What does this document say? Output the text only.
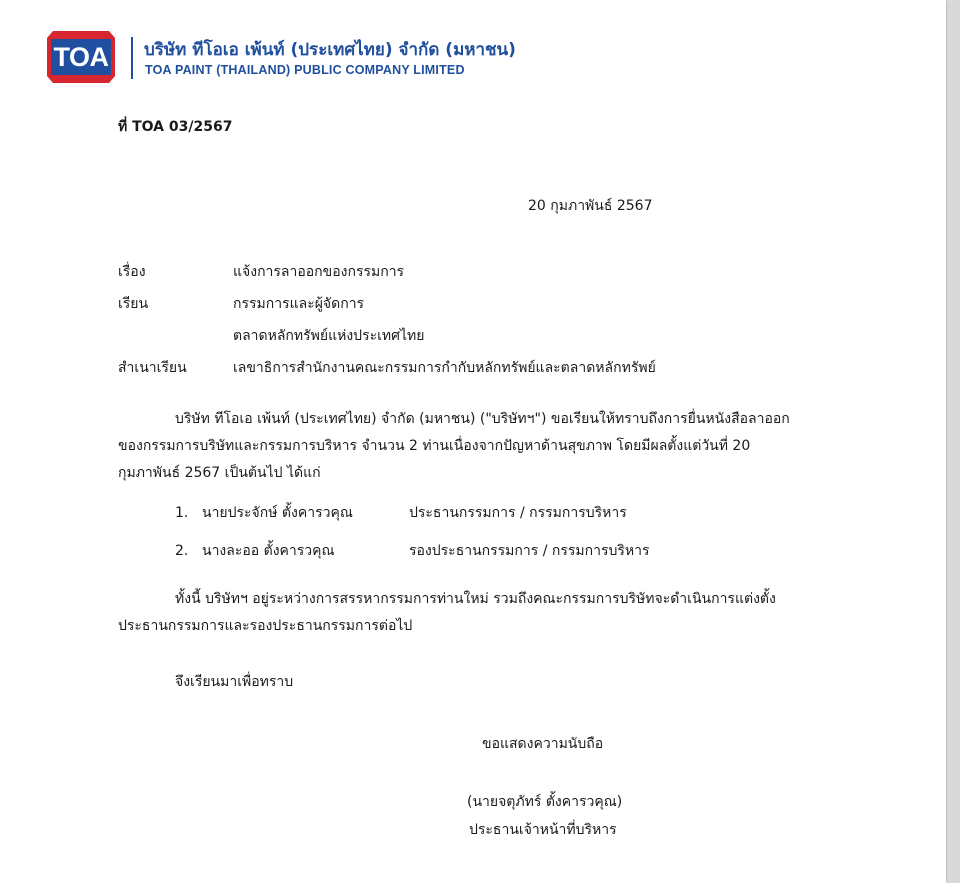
TOA	บริษัท ทีโอเอ เพ้นท์ (ประเทศไทย) จำกัด (มหาชน)
TOA PAINT (THAILAND) PUBLIC COMPANY LIMITED
ที่ TOA 03/2567
20 กุมภาพันธ์ 2567
เรื่อง	แจ้งการลาออกของกรรมการ
เรียน	กรรมการและผู้จัดการ
ตลาดหลักทรัพย์แห่งประเทศไทย
สำเนาเรียน	เลขาธิการสำนักงานคณะกรรมการกำกับหลักทรัพย์และตลาดหลักทรัพย์
บริษัท ทีโอเอ เพ้นท์ (ประเทศไทย) จำกัด (มหาชน) ("บริษัทฯ") ขอเรียนให้ทราบถึงการยื่นหนังสือลาออก
ของกรรมการบริษัทและกรรมการบริหาร จำนวน 2 ท่านเนื่องจากปัญหาด้านสุขภาพ โดยมีผลตั้งแต่วันที่ 20
กุมภาพันธ์ 2567 เป็นต้นไป ได้แก่
1. นายประจักษ์ ตั้งคารวคุณ	ประธานกรรมการ / กรรมการบริหาร
2. นางละออ ตั้งคารวคุณ	รองประธานกรรมการ / กรรมการบริหาร
ทั้งนี้ บริษัทฯ อยู่ระหว่างการสรรหากรรมการท่านใหม่ รวมถึงคณะกรรมการบริษัทจะดำเนินการแต่งตั้ง
ประธานกรรมการและรองประธานกรรมการต่อไป
จึงเรียนมาเพื่อทราบ
ขอแสดงความนับถือ
(นายจตุภัทร์ ตั้งคารวคุณ)
ประธานเจ้าหน้าที่บริหาร
